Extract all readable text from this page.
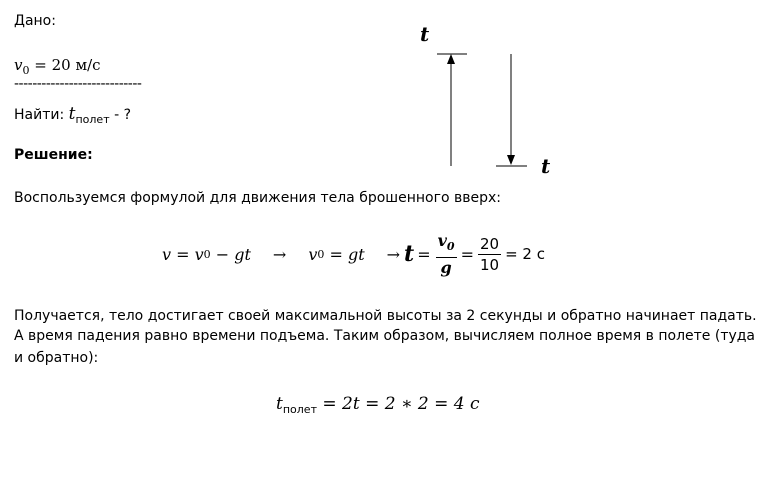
Дано:
$v_0 = 20$ м/с
----------------------------
Найти: $t_{полет}$ - ?
Решение:
Воспользуемся формулой для движения тела брошенного вверх:
v = v 0 − gt → v 0 = gt → $t = \frac{v_0}{g} = \frac{20}{10} = 2$ с
Получается, тело достигает своей максимальной высоты за 2 секунды и обратно начинает падать.
А время падения равно времени подъема. Таким образом, вычисляем полное время в полете (туда
и обратно):
$t_{полет} = 2t = 2$ ∗ 2 = 4 c
t
t
